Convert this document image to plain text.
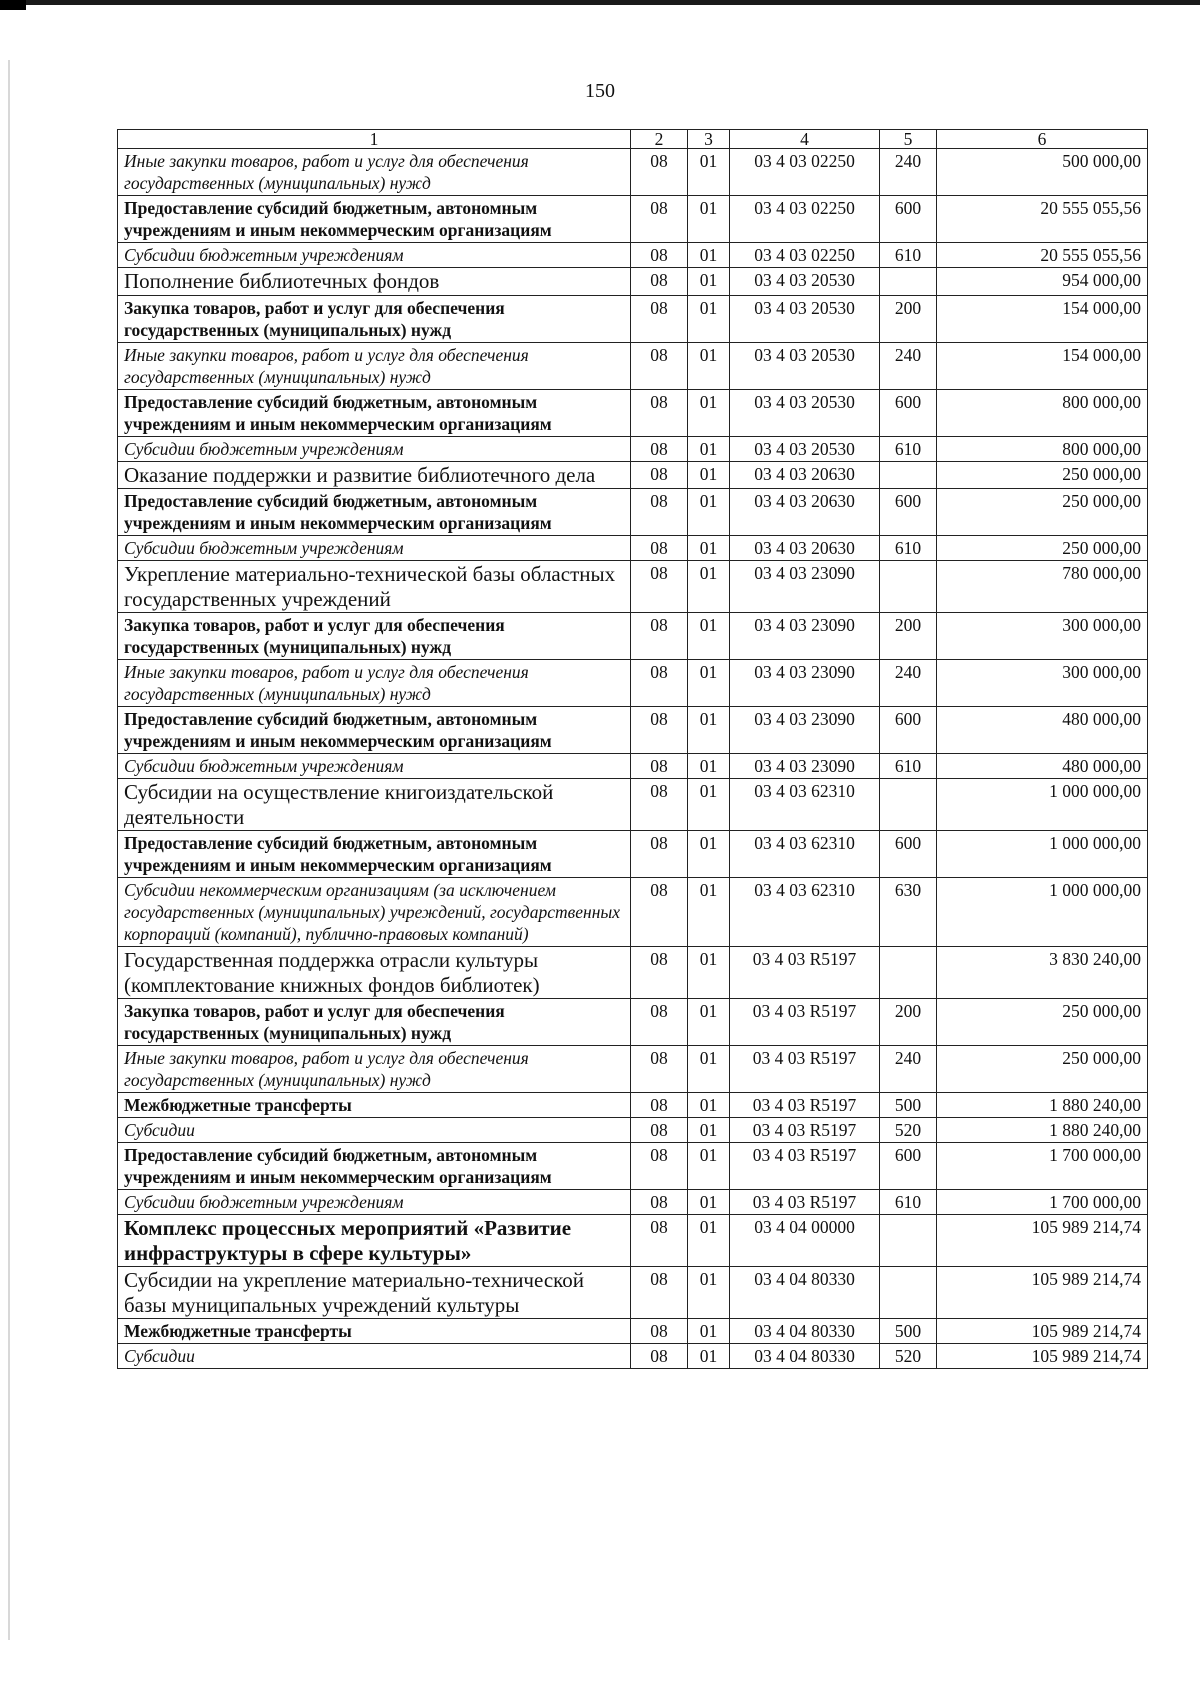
150
1	2	3	4	5	6
Иные закупки товаров, работ и услуг для обеспечения государственных (муниципальных) нужд	08	01	03 4 03 02250	240	500 000,00
Предоставление субсидий бюджетным, автономным учреждениям и иным некоммерческим организациям	08	01	03 4 03 02250	600	20 555 055,56
Субсидии бюджетным учреждениям	08	01	03 4 03 02250	610	20 555 055,56
Пополнение библиотечных фондов	08	01	03 4 03 20530		954 000,00
Закупка товаров, работ и услуг для обеспечения государственных (муниципальных) нужд	08	01	03 4 03 20530	200	154 000,00
Иные закупки товаров, работ и услуг для обеспечения государственных (муниципальных) нужд	08	01	03 4 03 20530	240	154 000,00
Предоставление субсидий бюджетным, автономным учреждениям и иным некоммерческим организациям	08	01	03 4 03 20530	600	800 000,00
Субсидии бюджетным учреждениям	08	01	03 4 03 20530	610	800 000,00
Оказание поддержки и развитие библиотечного дела	08	01	03 4 03 20630		250 000,00
Предоставление субсидий бюджетным, автономным учреждениям и иным некоммерческим организациям	08	01	03 4 03 20630	600	250 000,00
Субсидии бюджетным учреждениям	08	01	03 4 03 20630	610	250 000,00
Укрепление материально-технической базы областных государственных учреждений	08	01	03 4 03 23090		780 000,00
Закупка товаров, работ и услуг для обеспечения государственных (муниципальных) нужд	08	01	03 4 03 23090	200	300 000,00
Иные закупки товаров, работ и услуг для обеспечения государственных (муниципальных) нужд	08	01	03 4 03 23090	240	300 000,00
Предоставление субсидий бюджетным, автономным учреждениям и иным некоммерческим организациям	08	01	03 4 03 23090	600	480 000,00
Субсидии бюджетным учреждениям	08	01	03 4 03 23090	610	480 000,00
Субсидии на осуществление книгоиздательской деятельности	08	01	03 4 03 62310		1 000 000,00
Предоставление субсидий бюджетным, автономным учреждениям и иным некоммерческим организациям	08	01	03 4 03 62310	600	1 000 000,00
Субсидии некоммерческим организациям (за исключением государственных (муниципальных) учреждений, государственных корпораций (компаний), публично-правовых компаний)	08	01	03 4 03 62310	630	1 000 000,00
Государственная поддержка отрасли культуры (комплектование книжных фондов библиотек)	08	01	03 4 03 R5197		3 830 240,00
Закупка товаров, работ и услуг для обеспечения государственных (муниципальных) нужд	08	01	03 4 03 R5197	200	250 000,00
Иные закупки товаров, работ и услуг для обеспечения государственных (муниципальных) нужд	08	01	03 4 03 R5197	240	250 000,00
Межбюджетные трансферты	08	01	03 4 03 R5197	500	1 880 240,00
Субсидии	08	01	03 4 03 R5197	520	1 880 240,00
Предоставление субсидий бюджетным, автономным учреждениям и иным некоммерческим организациям	08	01	03 4 03 R5197	600	1 700 000,00
Субсидии бюджетным учреждениям	08	01	03 4 03 R5197	610	1 700 000,00
Комплекс процессных мероприятий «Развитие инфраструктуры в сфере культуры»	08	01	03 4 04 00000		105 989 214,74
Субсидии на укрепление материально-технической базы муниципальных учреждений культуры	08	01	03 4 04 80330		105 989 214,74
Межбюджетные трансферты	08	01	03 4 04 80330	500	105 989 214,74
Субсидии	08	01	03 4 04 80330	520	105 989 214,74
